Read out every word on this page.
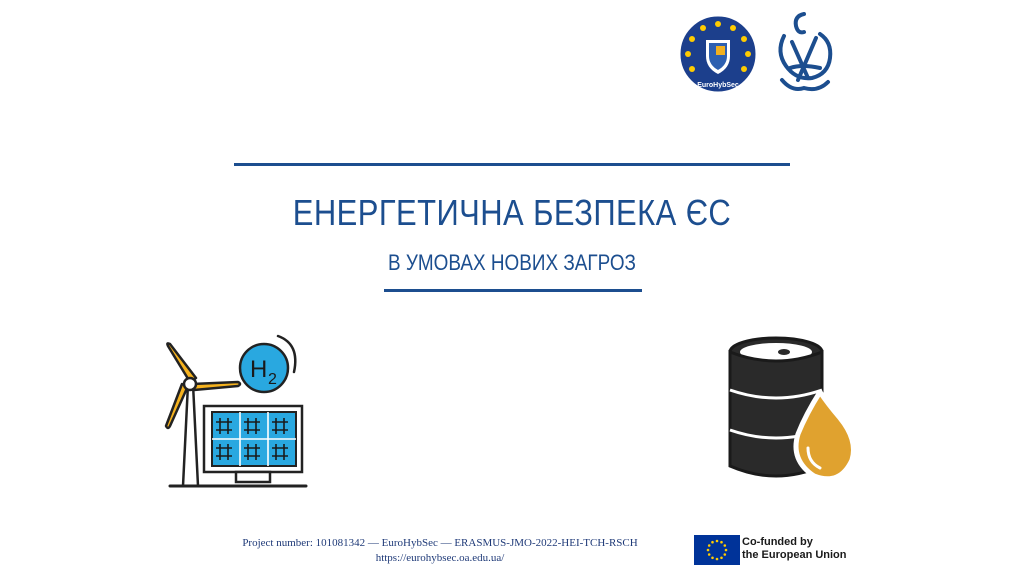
EuroHybSec
ЕНЕРГЕТИЧНА БЕЗПЕКА ЄС
В УМОВАХ НОВИХ ЗАГРОЗ
H 2
Project number: 101081342 — EuroHybSec — ERASMUS-JMO-2022-HEI-TCH-RSCH
https://eurohybsec.oa.edu.ua/
Co-funded by
the European Union
